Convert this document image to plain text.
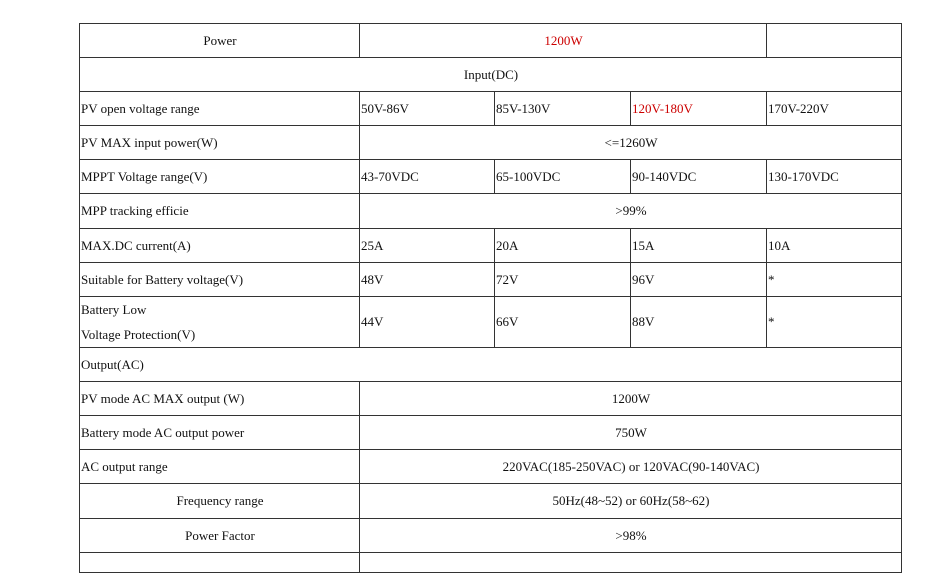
Power	1200W			
Input(DC)				
PV open voltage range	50V-86V	85V-130V	120V-180V	170V-220V
PV MAX input power(W)	<=1260W			
MPPT Voltage range(V)	43-70VDC	65-100VDC	90-140VDC	130-170VDC
MPP tracking efficie	>99%			
MAX.DC current(A)	25A	20A	15A	10A
Suitable for Battery voltage(V)	48V	72V	96V	*
Battery Low
Voltage Protection(V)	44V	66V	88V	*
Output(AC)				
PV mode AC MAX output (W)	1200W			
Battery mode AC output power	750W			
AC output range	220VAC(185-250VAC) or 120VAC(90-140VAC)			
Frequency range	50Hz(48~52) or 60Hz(58~62)			
Power Factor	>98%			
